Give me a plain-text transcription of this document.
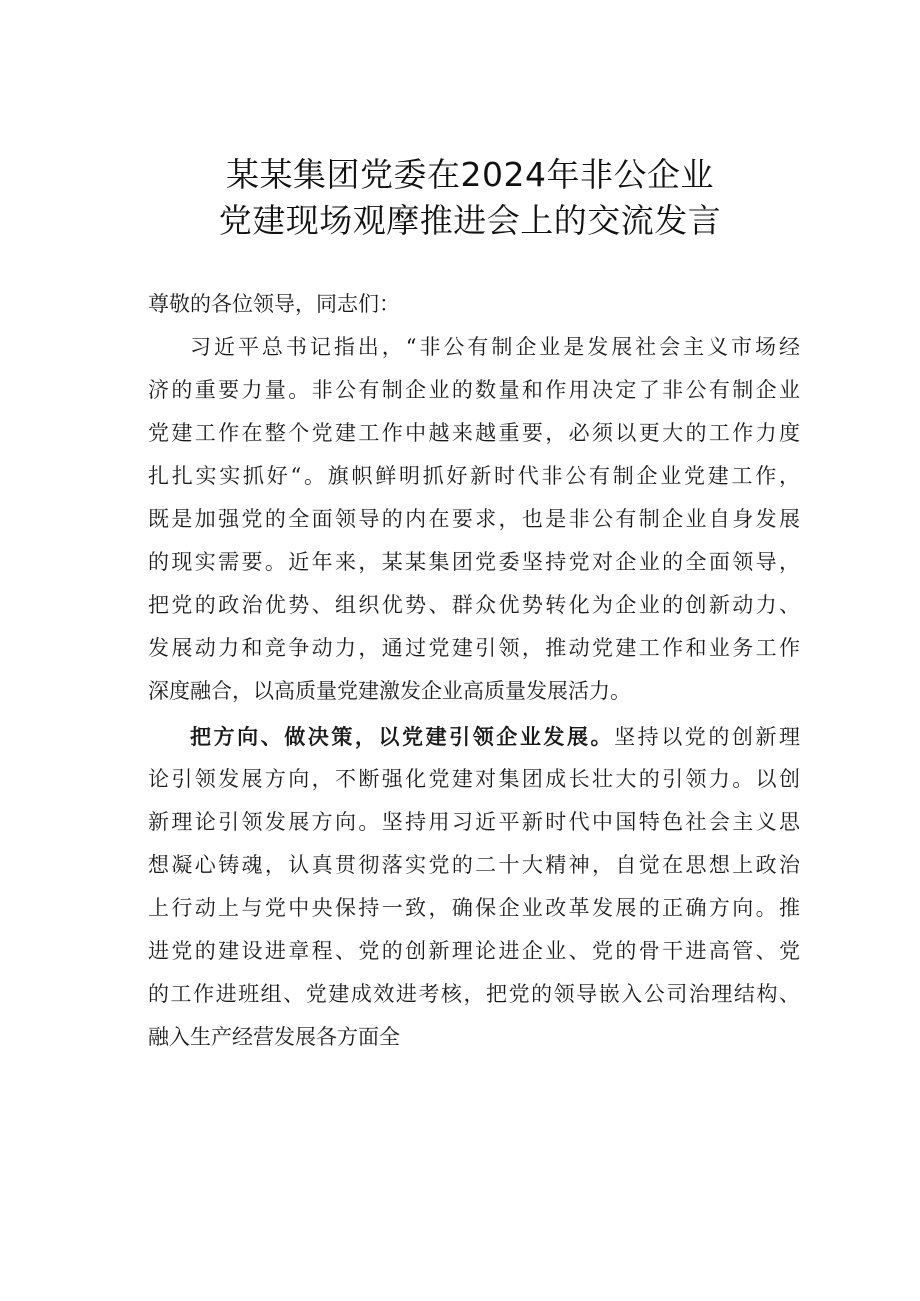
某某集团党委在2024年非公企业
党建现场观摩推进会上的交流发言
尊敬的各位领导，同志们：
习近平总书记指出，“非公有制企业是发展社会主义市场经
济的重要力量。非公有制企业的数量和作用决定了非公有制企业
党建工作在整个党建工作中越来越重要，必须以更大的工作力度
扎扎实实抓好“。旗帜鲜明抓好新时代非公有制企业党建工作，
既是加强党的全面领导的内在要求，也是非公有制企业自身发展
的现实需要。近年来，某某集团党委坚持党对企业的全面领导，
把党的政治优势、组织优势、群众优势转化为企业的创新动力、
发展动力和竞争动力，通过党建引领，推动党建工作和业务工作
深度融合，以高质量党建激发企业高质量发展活力。
把方向、做决策，以党建引领企业发展。坚持以党的创新理
论引领发展方向，不断强化党建对集团成长壮大的引领力。以创
新理论引领发展方向。坚持用习近平新时代中国特色社会主义思
想凝心铸魂，认真贯彻落实党的二十大精神，自觉在思想上政治
上行动上与党中央保持一致，确保企业改革发展的正确方向。推
进党的建设进章程、党的创新理论进企业、党的骨干进高管、党
的工作进班组、党建成效进考核，把党的领导嵌入公司治理结构、
融入生产经营发展各方面全
